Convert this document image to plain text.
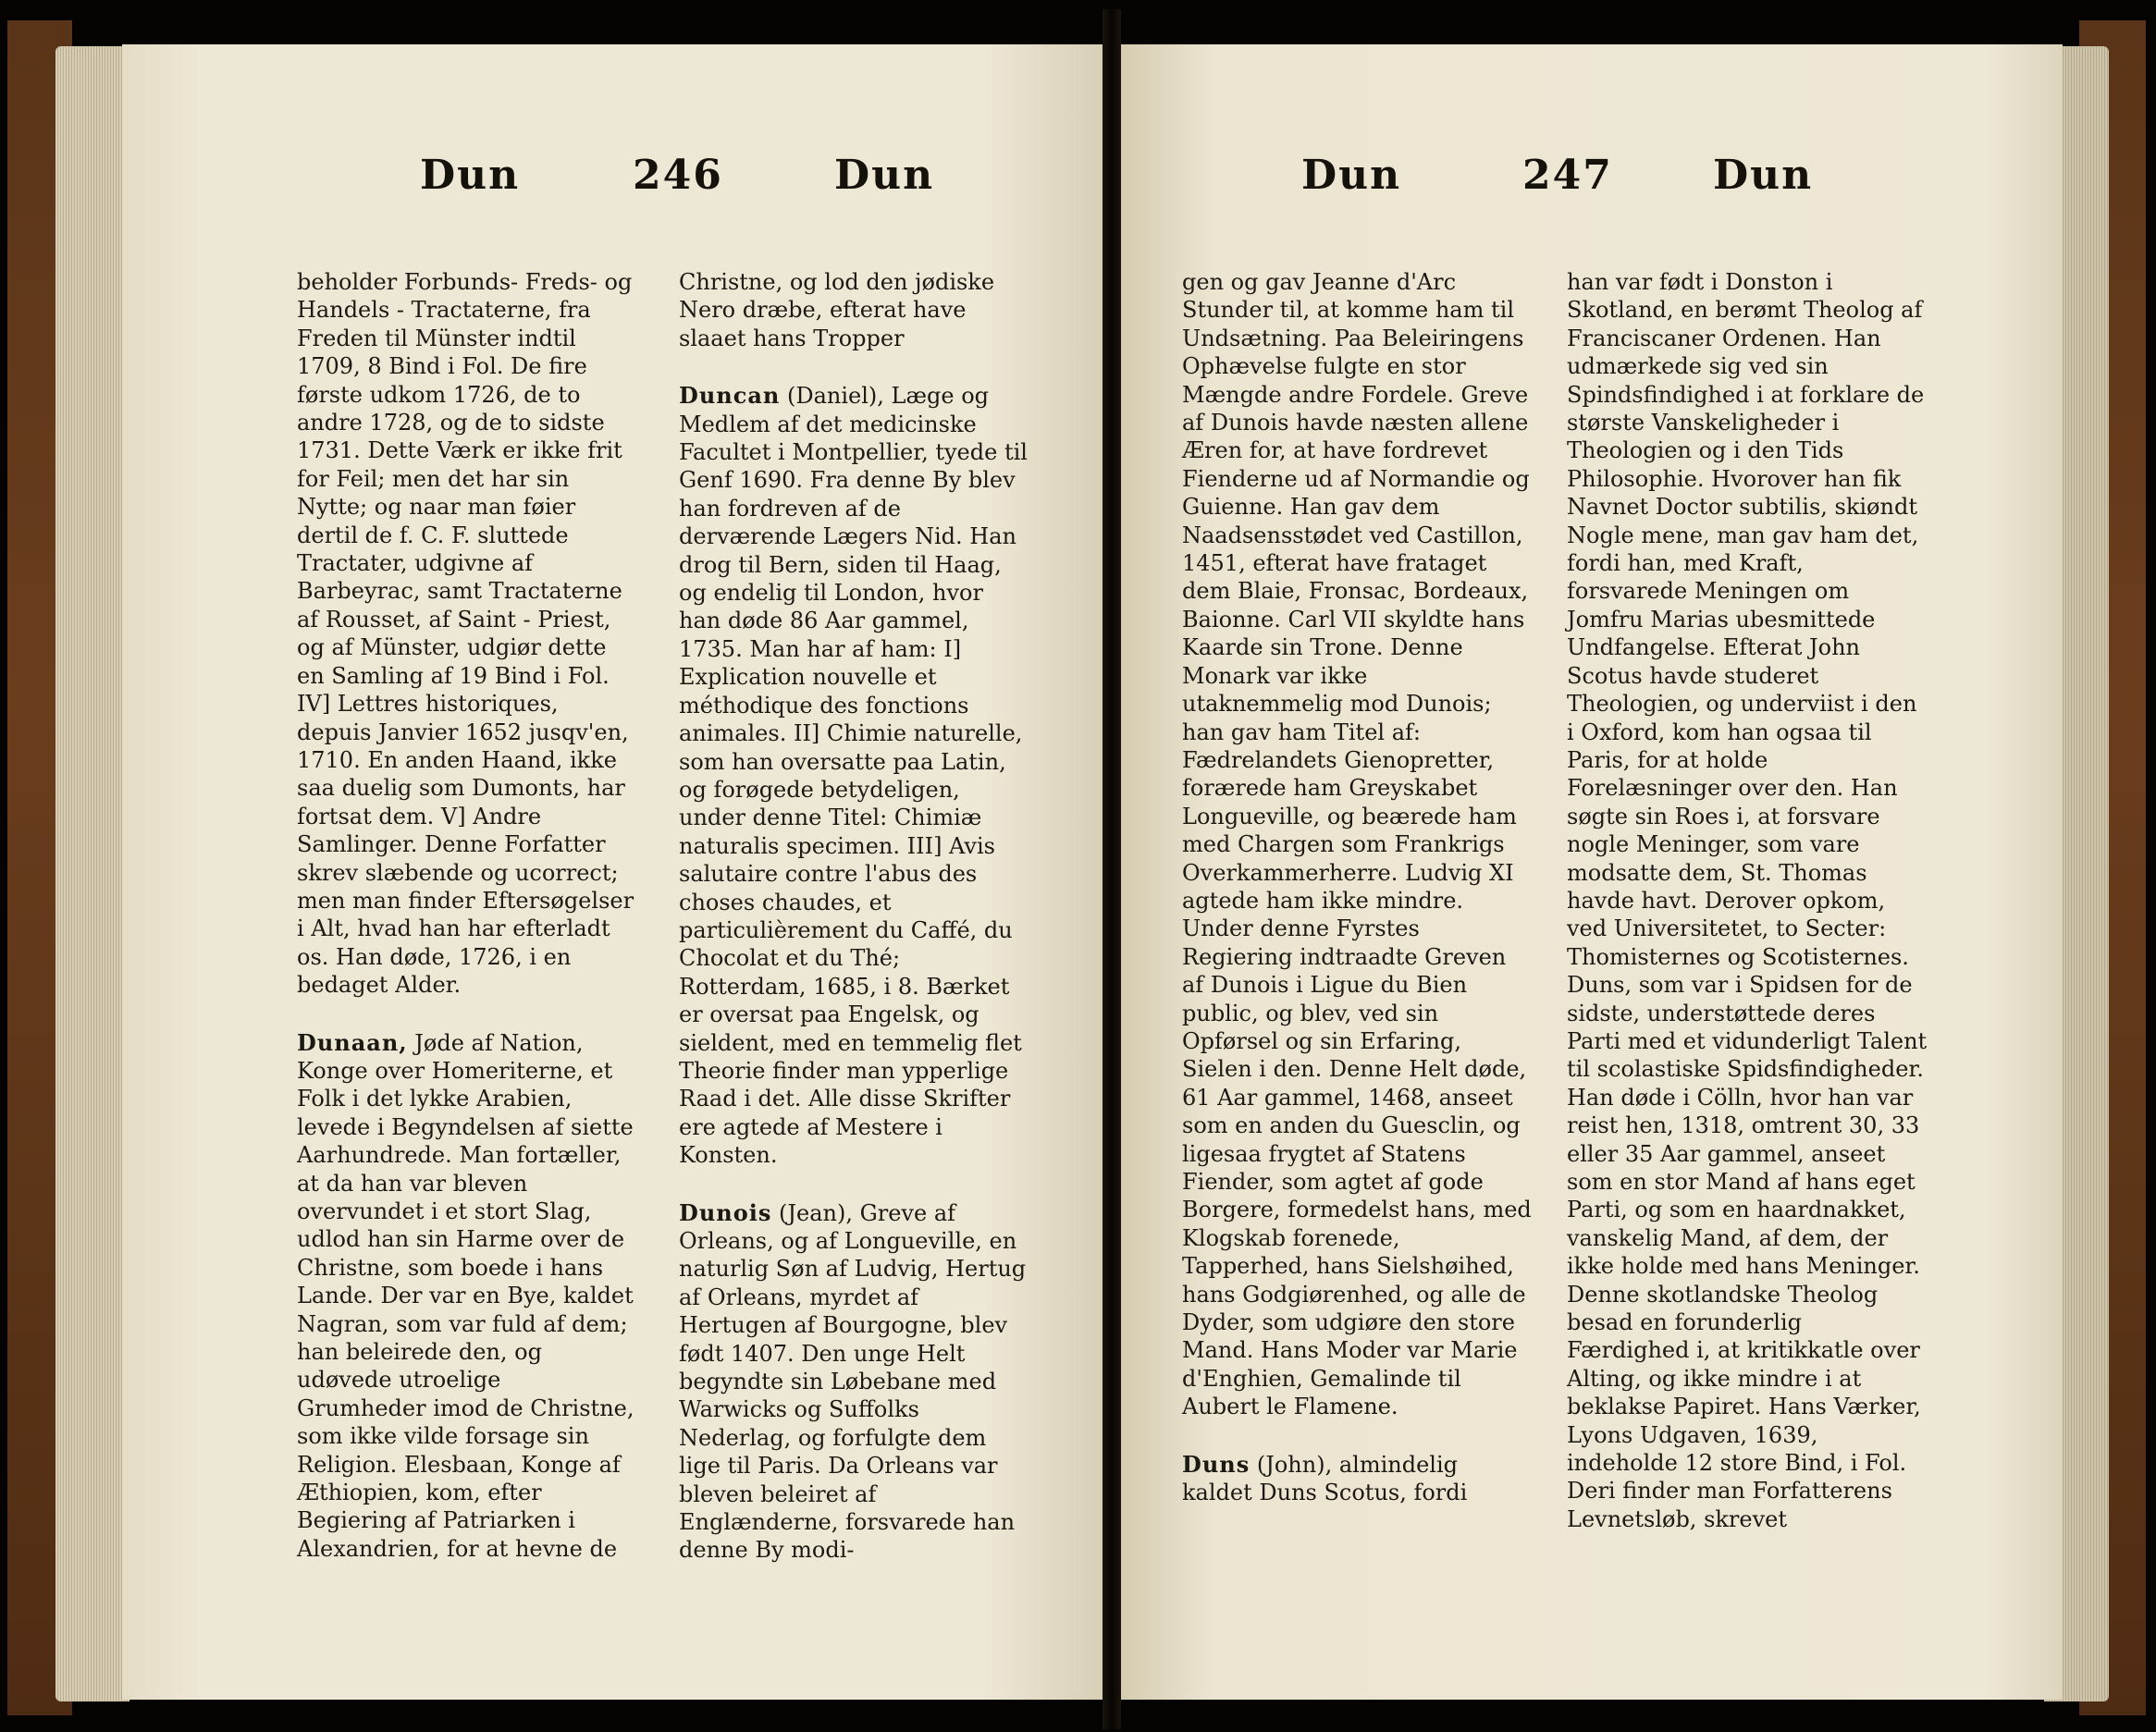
Dun	246	Dun

beholder Forbunds- Freds- og Handels - Tractaterne, fra Freden til Münster indtil 1709, 8 Bind i Fol. De fire første udkom 1726, de to andre 1728, og de to sidste 1731. Dette Værk er ikke frit for Feil; men det har sin Nytte; og naar man føier dertil de f. C. F. sluttede Tractater, udgivne af Barbeyrac, samt Tractaterne af Rousset, af Saint - Priest, og af Münster, udgiør dette en Samling af 19 Bind i Fol. IV] Lettres historiques, depuis Janvier 1652 jusqv'en, 1710. En anden Haand, ikke saa duelig som Dumonts, har fortsat dem. V] Andre Samlinger. Denne Forfatter skrev slæbende og ucorrect; men man finder Eftersøgelser i Alt, hvad han har efterladt os. Han døde, 1726, i en bedaget Alder.

Dunaan, Jøde af Nation, Konge over Homeriterne, et Folk i det lykke Arabien, levede i Begyndelsen af siette Aarhundrede. Man fortæller, at da han var bleven overvundet i et stort Slag, udlod han sin Harme over de Christne, som boede i hans Lande. Der var en Bye, kaldet Nagran, som var fuld af dem; han beleirede den, og udøvede utroelige Grumheder imod de Christne, som ikke vilde forsage sin Religion. Elesbaan, Konge af Æthiopien, kom, efter Begiering af Patriarken i Alexandrien, for at hevne de

Christne, og lod den jødiske Nero dræbe, efterat have slaaet hans Tropper

Duncan (Daniel), Læge og Medlem af det medicinske Facultet i Montpellier, tyede til Genf 1690. Fra denne By blev han fordreven af de derværende Lægers Nid. Han drog til Bern, siden til Haag, og endelig til London, hvor han døde 86 Aar gammel, 1735. Man har af ham: I] Explication nouvelle et méthodique des fonctions animales. II] Chimie naturelle, som han oversatte paa Latin, og forøgede betydeligen, under denne Titel: Chimiæ naturalis specimen. III] Avis salutaire contre l'abus des choses chaudes, et particulièrement du Caffé, du Chocolat et du Thé; Rotterdam, 1685, i 8. Bærket er oversat paa Engelsk, og sieldent, med en temmelig flet Theorie finder man ypperlige Raad i det. Alle disse Skrifter ere agtede af Mestere i Konsten.

Dunois (Jean), Greve af Orleans, og af Longueville, en naturlig Søn af Ludvig, Hertug af Orleans, myrdet af Hertugen af Bourgogne, blev født 1407. Den unge Helt begyndte sin Løbebane med Warwicks og Suffolks Nederlag, og forfulgte dem lige til Paris. Da Orleans var bleven beleiret af Englænderne, forsvarede han denne By modi-

Dun	247 Dun

gen og gav Jeanne d'Arc Stunder til, at komme ham til Undsætning. Paa Beleiringens Ophævelse fulgte en stor Mængde andre Fordele. Greve af Dunois havde næsten allene Æren for, at have fordrevet Fienderne ud af Normandie og Guienne. Han gav dem Naadsensstødet ved Castillon, 1451, efterat have frataget dem Blaie, Fronsac, Bordeaux, Baionne. Carl VII skyldte hans Kaarde sin Trone. Denne Monark var ikke utaknemmelig mod Dunois; han gav ham Titel af: Fædrelandets Gienopretter, forærede ham Greyskabet Longueville, og beærede ham med Chargen som Frankrigs Overkammerherre. Ludvig XI agtede ham ikke mindre. Under denne Fyrstes Regiering indtraadte Greven af Dunois i Ligue du Bien public, og blev, ved sin Opførsel og sin Erfaring, Sielen i den. Denne Helt døde, 61 Aar gammel, 1468, anseet som en anden du Guesclin, og ligesaa frygtet af Statens Fiender, som agtet af gode Borgere, formedelst hans, med Klogskab forenede, Tapperhed, hans Sielshøihed, hans Godgiørenhed, og alle de Dyder, som udgiøre den store Mand. Hans Moder var Marie d'Enghien, Gemalinde til Aubert le Flamene.

Duns (John), almindelig kaldet Duns Scotus, fordi

han var født i Donston i Skotland, en berømt Theolog af Franciscaner Ordenen. Han udmærkede sig ved sin Spindsfindighed i at forklare de største Vanskeligheder i Theologien og i den Tids Philosophie. Hvorover han fik Navnet Doctor subtilis, skiøndt Nogle mene, man gav ham det, fordi han, med Kraft, forsvarede Meningen om Jomfru Marias ubesmittede Undfangelse. Efterat John Scotus havde studeret Theologien, og underviist i den i Oxford, kom han ogsaa til Paris, for at holde Forelæsninger over den. Han søgte sin Roes i, at forsvare nogle Meninger, som vare modsatte dem, St. Thomas havde havt. Derover opkom, ved Universitetet, to Secter: Thomisternes og Scotisternes. Duns, som var i Spidsen for de sidste, understøttede deres Parti med et vidunderligt Talent til scolastiske Spidsfindigheder. Han døde i Cölln, hvor han var reist hen, 1318, omtrent 30, 33 eller 35 Aar gammel, anseet som en stor Mand af hans eget Parti, og som en haardnakket, vanskelig Mand, af dem, der ikke holde med hans Meninger. Denne skotlandske Theolog besad en forunderlig Færdighed i, at kritikkatle over Alting, og ikke mindre i at beklakse Papiret. Hans Værker, Lyons Udgaven, 1639, indeholde 12 store Bind, i Fol. Deri finder man Forfatterens Levnetsløb, skrevet
